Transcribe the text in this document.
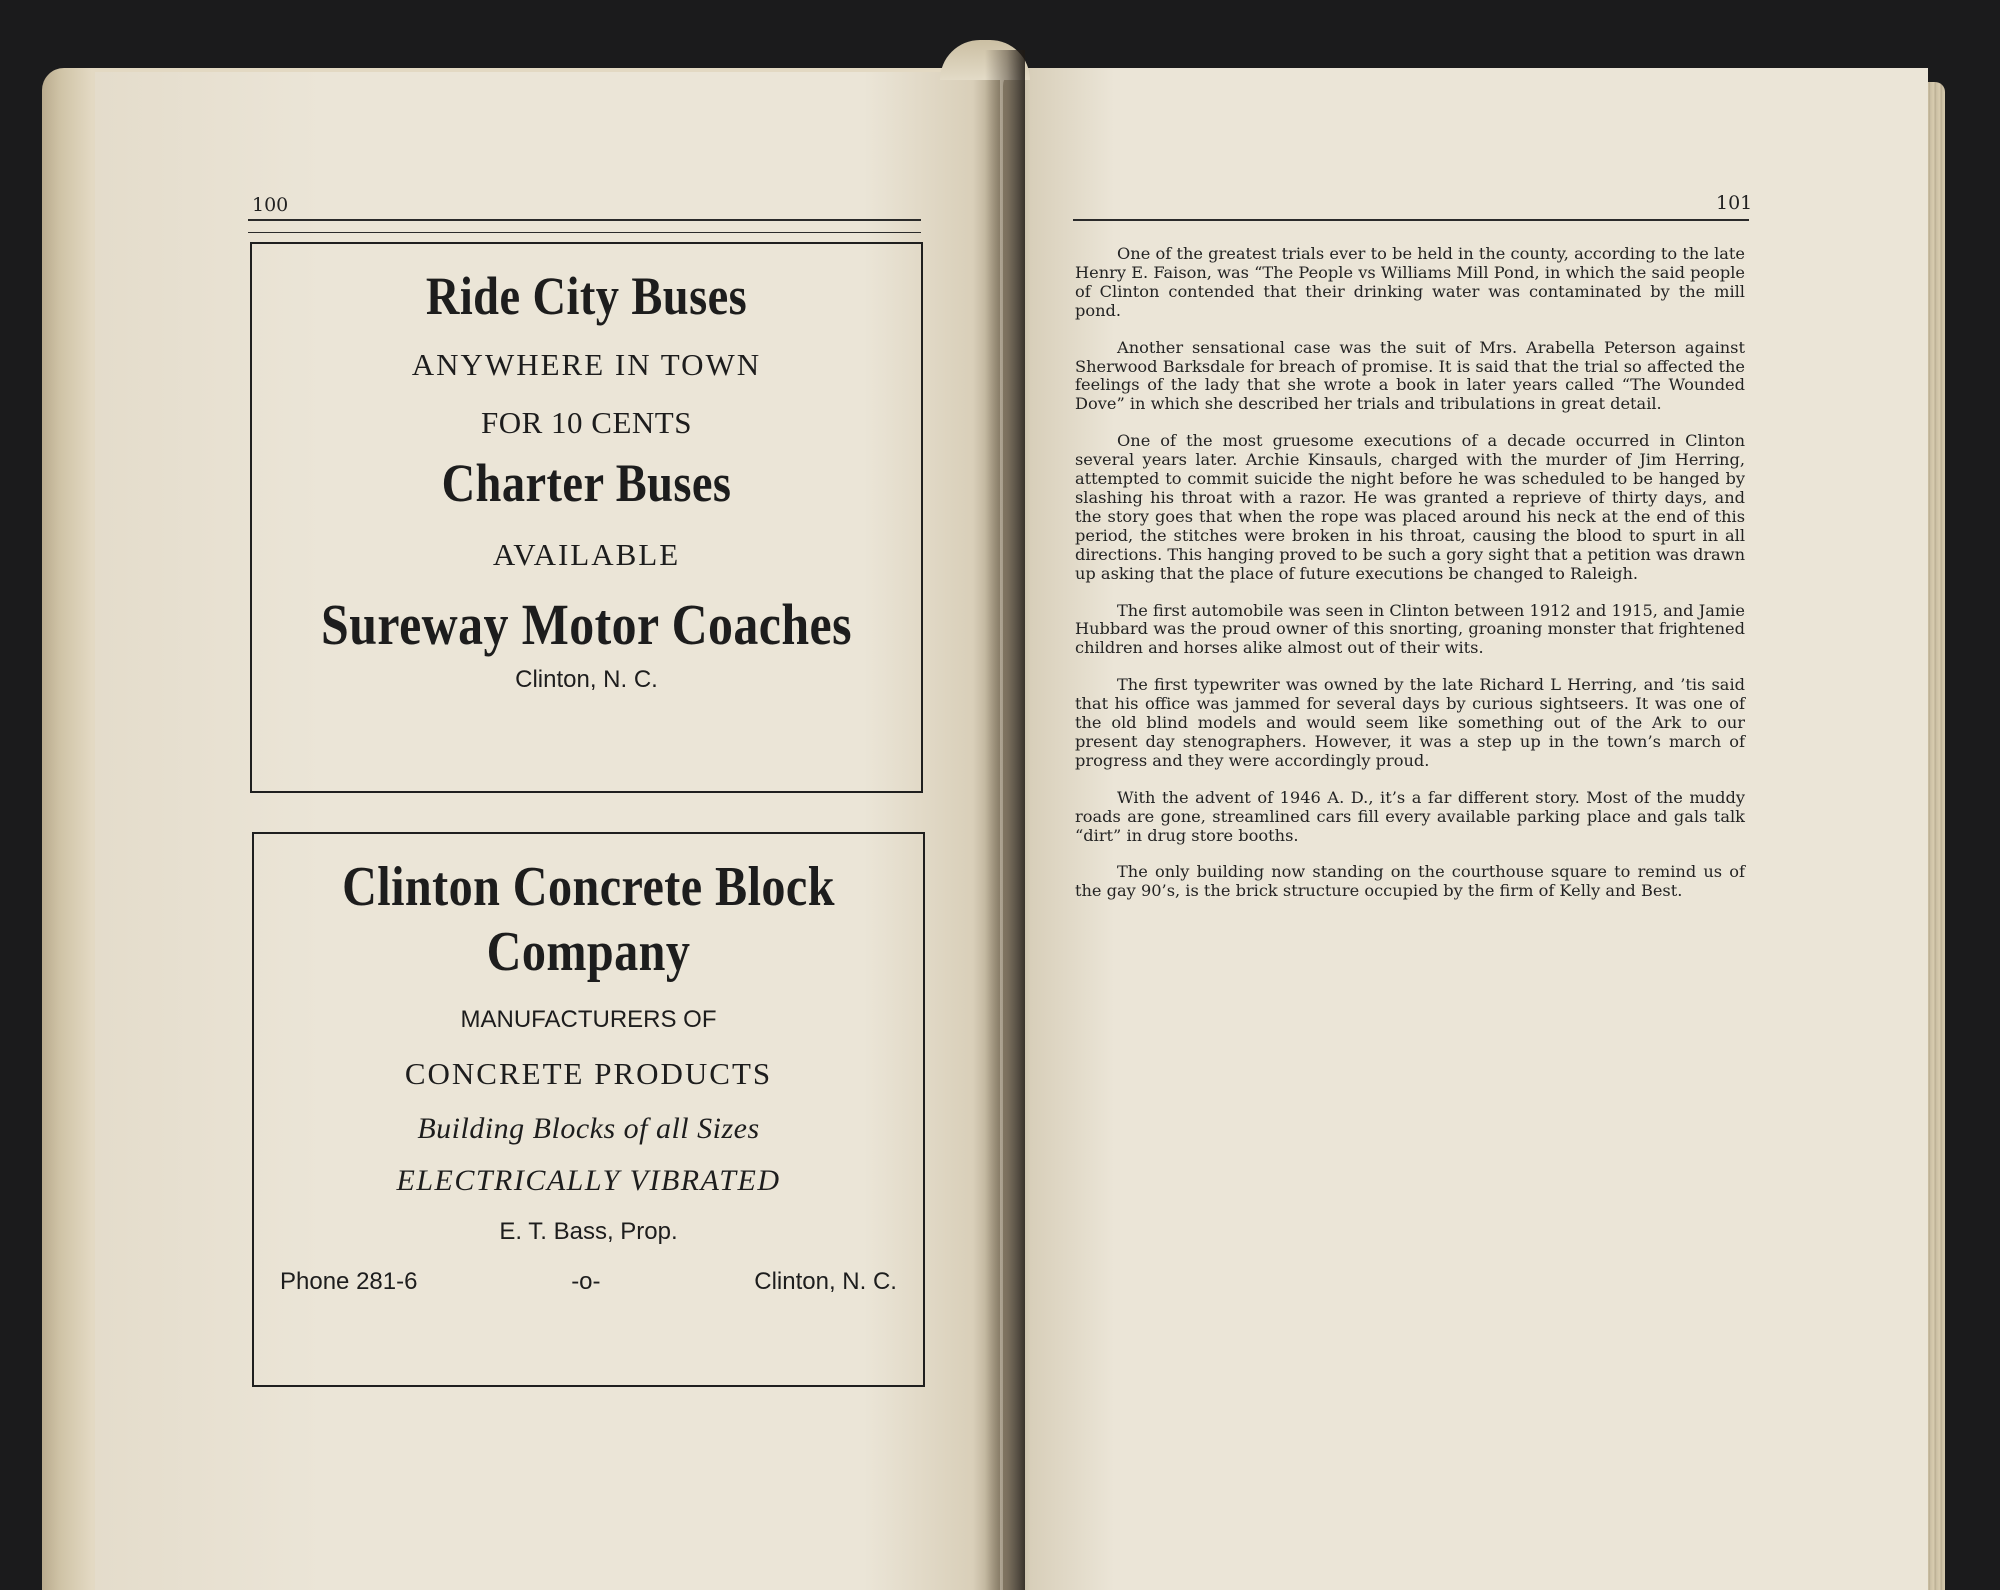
100
Ride City Buses
ANYWHERE IN TOWN
FOR 10 CENTS
Charter Buses
AVAILABLE
Sureway Motor Coaches
Clinton, N. C.
Clinton Concrete Block
Company
MANUFACTURERS OF
CONCRETE PRODUCTS
Building Blocks of all Sizes
ELECTRICALLY VIBRATED
E. T. Bass, Prop.
Phone 281-6	-o-	Clinton, N. C.
101

One of the greatest trials ever to be held in the county, according to the late Henry E. Faison, was “The People vs Williams Mill Pond, in which the said people of Clinton contended that their drinking water was contaminated by the mill pond.

Another sensational case was the suit of Mrs. Arabella Peterson against Sherwood Barksdale for breach of promise. It is said that the trial so affected the feelings of the lady that she wrote a book in later years called “The Wounded Dove” in which she described her trials and tribulations in great detail.

One of the most gruesome executions of a decade occurred in Clinton several years later. Archie Kinsauls, charged with the murder of Jim Herring, attempted to commit suicide the night before he was scheduled to be hanged by slashing his throat with a razor. He was granted a reprieve of thirty days, and the story goes that when the rope was placed around his neck at the end of this period, the stitches were broken in his throat, causing the blood to spurt in all directions. This hanging proved to be such a gory sight that a petition was drawn up asking that the place of future executions be changed to Raleigh.

The first automobile was seen in Clinton between 1912 and 1915, and Jamie Hubbard was the proud owner of this snorting, groaning monster that frightened children and horses alike almost out of their wits.

The first typewriter was owned by the late Richard L Herring, and ’tis said that his office was jammed for several days by curious sightseers. It was one of the old blind models and would seem like something out of the Ark to our present day stenographers. However, it was a step up in the town’s march of progress and they were accordingly proud.

With the advent of 1946 A. D., it’s a far different story. Most of the muddy roads are gone, streamlined cars fill every available parking place and gals talk “dirt” in drug store booths.

The only building now standing on the courthouse square to remind us of the gay 90’s, is the brick structure occupied by the firm of Kelly and Best.
